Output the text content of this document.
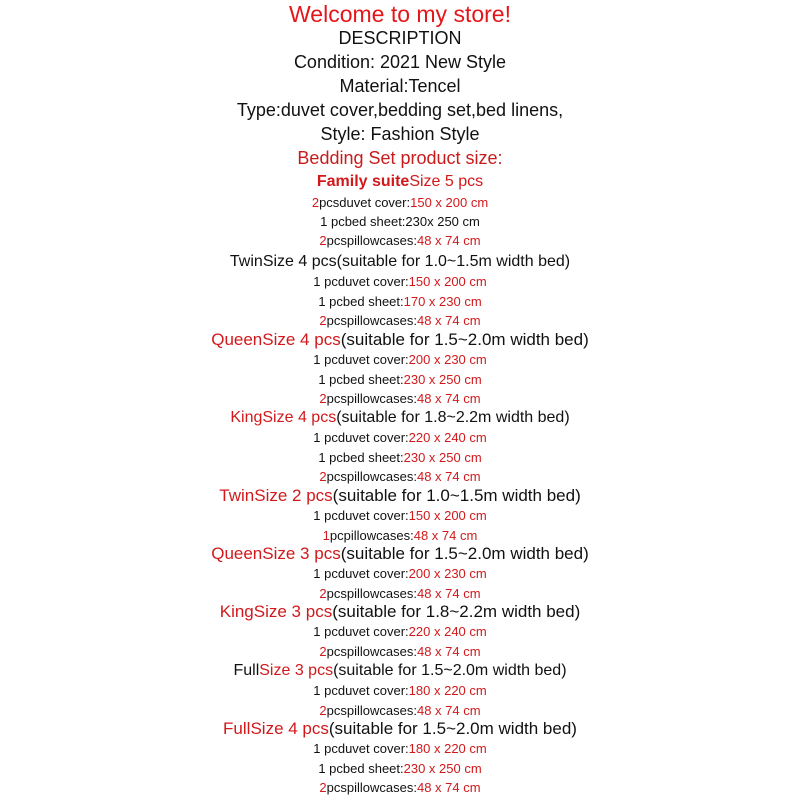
Welcome to my store!
DESCRIPTION
Condition: 2021 New Style
Material:Tencel
Type:duvet cover,bedding set,bed linens,
Style: Fashion Style
Bedding Set product size:
Family suiteSize 5 pcs
2pcsduvet cover:150 x 200 cm
1 pcbed sheet:230x 250 cm
2pcspillowcases:48 x 74 cm
TwinSize 4 pcs(suitable for 1.0~1.5m width bed)
1 pcduvet cover:150 x 200 cm
1 pcbed sheet:170 x 230 cm
2pcspillowcases:48 x 74 cm
QueenSize 4 pcs(suitable for 1.5~2.0m width bed)
1 pcduvet cover:200 x 230 cm
1 pcbed sheet:230 x 250 cm
2pcspillowcases:48 x 74 cm
KingSize 4 pcs(suitable for 1.8~2.2m width bed)
1 pcduvet cover:220 x 240 cm
1 pcbed sheet:230 x 250 cm
2pcspillowcases:48 x 74 cm
TwinSize 2 pcs(suitable for 1.0~1.5m width bed)
1 pcduvet cover:150 x 200 cm
1pcpillowcases:48 x 74 cm
QueenSize 3 pcs(suitable for 1.5~2.0m width bed)
1 pcduvet cover:200 x 230 cm
2pcspillowcases:48 x 74 cm
KingSize 3 pcs(suitable for 1.8~2.2m width bed)
1 pcduvet cover:220 x 240 cm
2pcspillowcases:48 x 74 cm
FullSize 3 pcs(suitable for 1.5~2.0m width bed)
1 pcduvet cover:180 x 220 cm
2pcspillowcases:48 x 74 cm
FullSize 4 pcs(suitable for 1.5~2.0m width bed)
1 pcduvet cover:180 x 220 cm
1 pcbed sheet:230 x 250 cm
2pcspillowcases:48 x 74 cm
